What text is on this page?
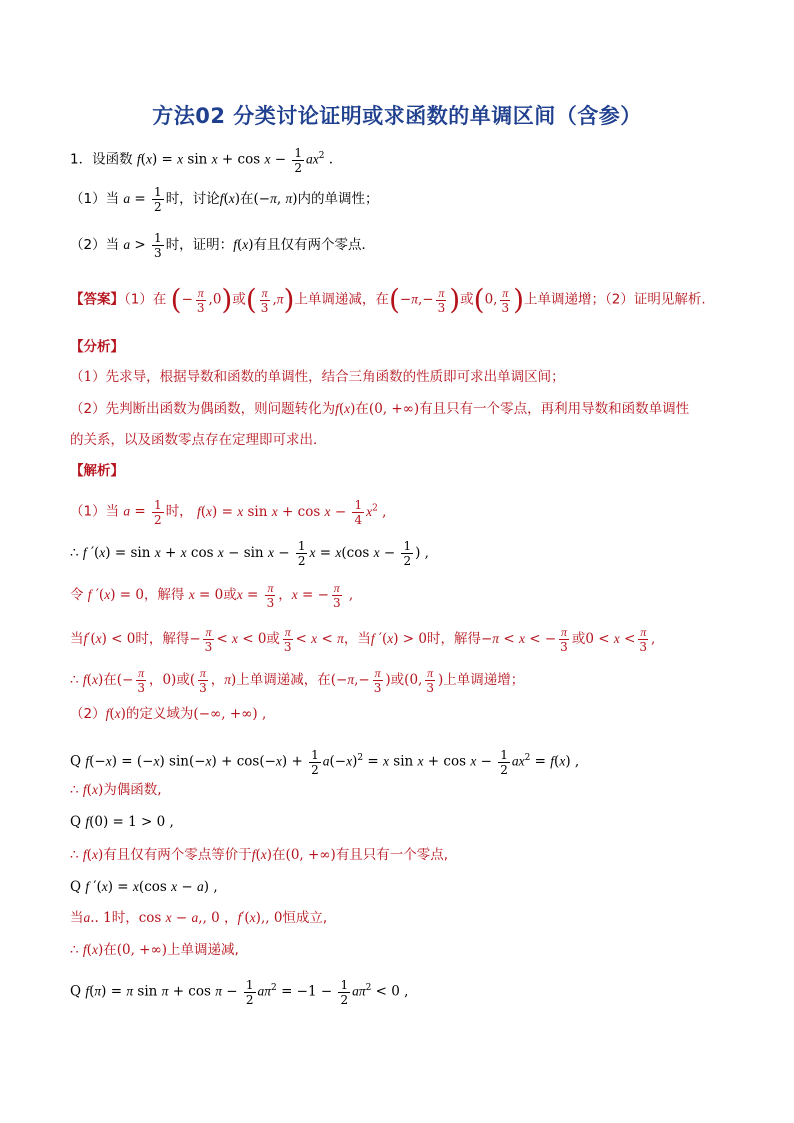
方法02 分类讨论证明或求函数的单调区间（含参）
1．设函数 f(x) = x $\sin x + \cos x - \frac{1}{2} ax^2$ .
（1）当 $a = \frac{1}{2}$ 时，讨论f(x)在(−π, π)内的单调性；
（2）当 $a > \frac{1}{3}$ 时，证明：f(x)有且仅有两个零点．
【答案】（1）在 (− $\frac{\pi}{3} ,0$)或( $\frac{\pi}{3} ,\pi$)上单调递减，在($-\pi,- \frac{\pi}{3}$ )或(0, $\frac{\pi}{3}$ )上单调递增；（2）证明见解析.
【分析】
（1）先求导，根据导数和函数的单调性，结合三角函数的性质即可求出单调区间；
（2）先判断出函数为偶函数，则问题转化为f(x)在(0, +∞)有且只有一个零点，再利用导数和函数单调性
的关系，以及函数零点存在定理即可求出．
【解析】
（1）当 $a = \frac{1}{2}$ 时， f(x) = x $\sin x + \cos x - \frac{1}{4} x^2$ ,
∴ f ′(x) = sin x + x $\cos x - \sin x - \frac{1}{2}$ x = x(cos $x - \frac{1}{2}$ ) ,
令 f ′(x) = 0，解得 x = 0或$x = \frac{\pi}{3}$ ，x = − $\frac{\pi}{3}$ ,
当f′(x) < 0时，解得− $\frac{\pi}{3} < x < 0$或 $\frac{\pi}{3} < x < \pi$，当f ′(x) > 0时，解得−π < x < − $\frac{\pi}{3}$ 或$0 < x < \frac{\pi}{3}$ ,
∴ f(x)在(− $\frac{\pi}{3}$ ，0)或( $\frac{\pi}{3}$ ，π)上单调递减，在($-\pi,- \frac{\pi}{3}$ )或(0, $\frac{\pi}{3}$ )上单调递增；
（2）f(x)的定义域为(−∞, +∞) ,
Q f(−x) = (−x) $\sin(-x) + \cos(-x) + \frac{1}{2} a(-x)^2 = x$ $\sin x + \cos x - \frac{1}{2} ax^2 = f(x)$ ,
∴ f(x)为偶函数,
Q f(0) = 1 > 0 ,
∴ f(x)有且仅有两个零点等价于f(x)在(0, +∞)有且只有一个零点,
Q f ′(x) = x(cos x − a) ,
当a.. 1时，cos x − a,, 0 ，f′(x),, 0恒成立,
∴ f(x)在(0, +∞)上单调递减,
Q f(π) = π $\sin \pi + \cos \pi - \frac{1}{2} a\pi^2 = -1 - \frac{1}{2} a\pi^2 < 0$ ,
